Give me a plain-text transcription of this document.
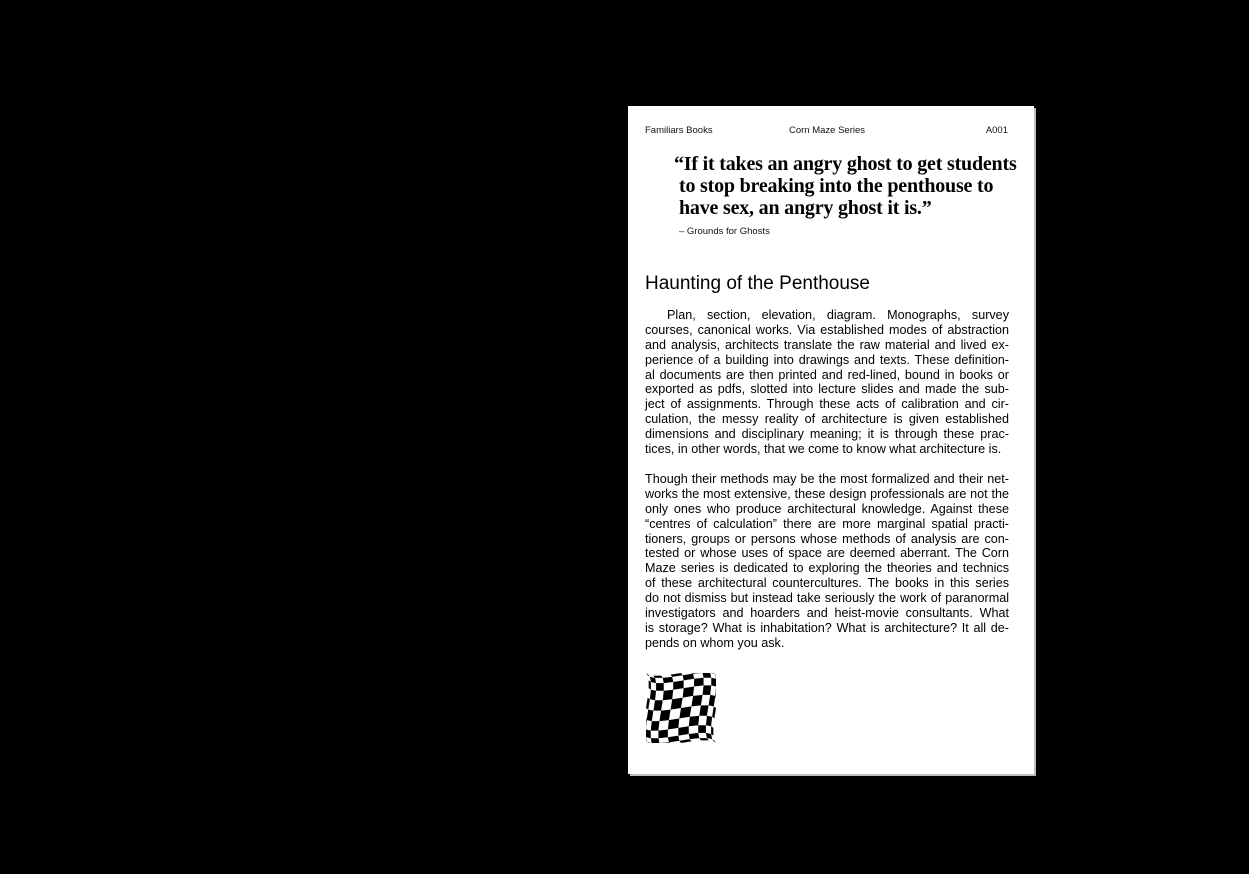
Familiars Books	Corn Maze Series	A001

“If it takes an angry ghost to get students
to stop breaking into the penthouse to
have sex, an angry ghost it is.”

– Grounds for Ghosts
Haunting of the Penthouse

Plan, section, elevation, diagram. Monographs, survey
courses, canonical works. Via established modes of abstraction
and analysis, architects translate the raw material and lived ex-
perience of a building into drawings and texts. These definition-
al documents are then printed and red-lined, bound in books or
exported as pdfs, slotted into lecture slides and made the sub-
ject of assignments. Through these acts of calibration and cir-
culation, the messy reality of architecture is given established
dimensions and disciplinary meaning; it is through these prac-
tices, in other words, that we come to know what architecture is.

Though their methods may be the most formalized and their net-
works the most extensive, these design professionals are not the
only ones who produce architectural knowledge. Against these
“centres of calculation” there are more marginal spatial practi-
tioners, groups or persons whose methods of analysis are con-
tested or whose uses of space are deemed aberrant. The Corn
Maze series is dedicated to exploring the theories and technics
of these architectural countercultures. The books in this series
do not dismiss but instead take seriously the work of paranormal
investigators and hoarders and heist-movie consultants. What
is storage? What is inhabitation? What is architecture? It all de-
pends on whom you ask.
